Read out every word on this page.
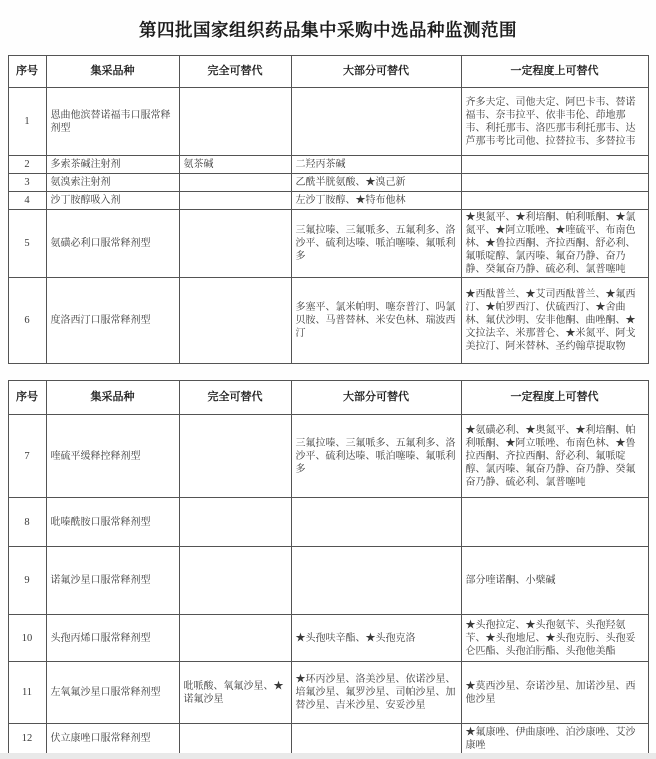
第四批国家组织药品集中采购中选品种监测范围
序号	集采品种	完全可替代	大部分可替代	一定程度上可替代
1	恩曲他滨替诺福韦口服常释剂型			齐多夫定、司他夫定、阿巴卡韦、替诺福韦、奈韦拉平、依非韦伦、茚地那韦、利托那韦、洛匹那韦利托那韦、达芦那韦考比司他、拉替拉韦、多替拉韦
2	多索茶碱注射剂	氨茶碱	二羟丙茶碱	
3	氨溴索注射剂		乙酰半胱氨酸、★溴己新	
4	沙丁胺醇吸入剂		左沙丁胺醇、★特布他林	
5	氨磺必利口服常释剂型		三氟拉嗪、三氟哌多、五氟利多、洛沙平、硫利达嗪、哌泊噻嗪、氟哌利多	★奥氮平、★利培酮、帕利哌酮、★氯氮平、★阿立哌唑、★喹硫平、布南色林、★鲁拉西酮、齐拉西酮、舒必利、氟哌啶醇、氯丙嗪、氟奋乃静、奋乃静、癸氟奋乃静、硫必利、氯普噻吨
6	度洛西汀口服常释剂型		多塞平、氯米帕明、噻奈普汀、吗氯贝胺、马普替林、米安色林、瑞波西汀	★西酞普兰、★艾司西酞普兰、★氟西汀、★帕罗西汀、伏硫西汀、★舍曲林、氟伏沙明、安非他酮、曲唑酮、★文拉法辛、米那普仑、★米氮平、阿戈美拉汀、阿米替林、圣约翰草提取物
序号	集采品种	完全可替代	大部分可替代	一定程度上可替代
7	喹硫平缓释控释剂型		三氟拉嗪、三氟哌多、五氟利多、洛沙平、硫利达嗪、哌泊噻嗪、氟哌利多	★氨磺必利、★奥氮平、★利培酮、帕利哌酮、★阿立哌唑、布南色林、★鲁拉西酮、齐拉西酮、舒必利、氟哌啶醇、氯丙嗪、氟奋乃静、奋乃静、癸氟奋乃静、硫必利、氯普噻吨
8	吡嗪酰胺口服常释剂型			
9	诺氟沙星口服常释剂型			部分喹诺酮、小檗碱
10	头孢丙烯口服常释剂型		★头孢呋辛酯、★头孢克洛	★头孢拉定、★头孢氨苄、头孢羟氨苄、★头孢地尼、★头孢克肟、头孢妥仑匹酯、头孢泊肟酯、头孢他美酯
11	左氧氟沙星口服常释剂型	吡哌酸、氧氟沙星、★诺氟沙星	★环丙沙星、洛美沙星、依诺沙星、培氟沙星、氟罗沙星、司帕沙星、加替沙星、吉米沙星、安妥沙星	★莫西沙星、奈诺沙星、加诺沙星、西他沙星
12	伏立康唑口服常释剂型			★氟康唑、伊曲康唑、泊沙康唑、艾沙康唑
